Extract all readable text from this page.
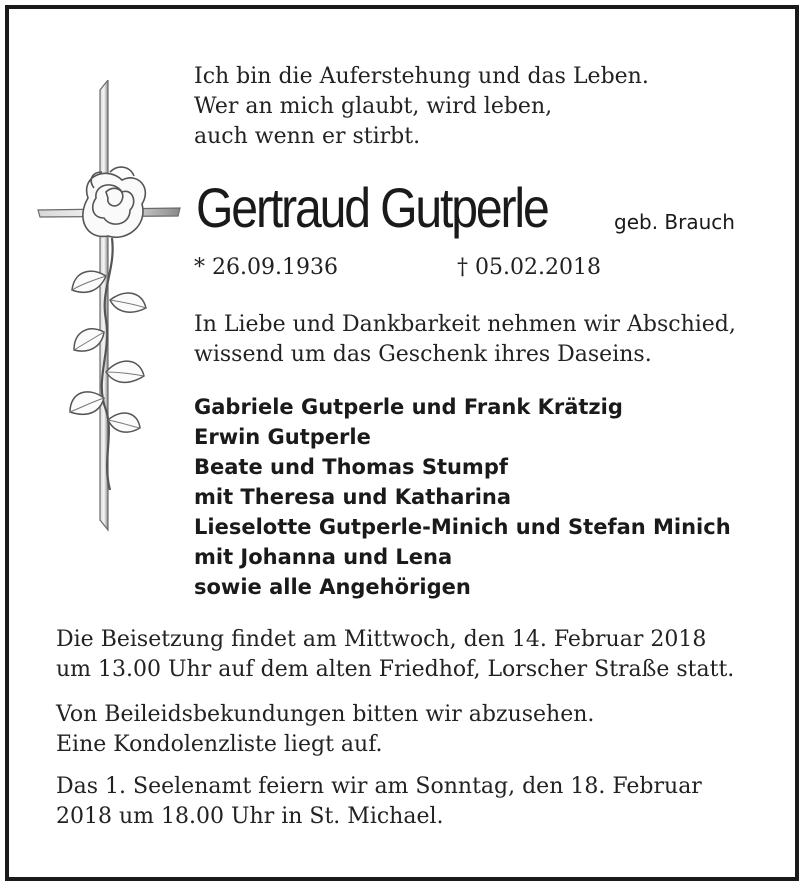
Ich bin die Auferstehung und das Leben.
Wer an mich glaubt, wird leben,
auch wenn er stirbt.
Gertraud Gutperle	geb. Brauch
* 26.09.1936	† 05.02.2018
In Liebe und Dankbarkeit nehmen wir Abschied,
wissend um das Geschenk ihres Daseins.
Gabriele Gutperle und Frank Krätzig
Erwin Gutperle
Beate und Thomas Stumpf
mit Theresa und Katharina
Lieselotte Gutperle-Minich und Stefan Minich
mit Johanna und Lena
sowie alle Angehörigen
Die Beisetzung findet am Mittwoch, den 14. Februar 2018
um 13.00 Uhr auf dem alten Friedhof, Lorscher Straße statt.
Von Beileidsbekundungen bitten wir abzusehen.
Eine Kondolenzliste liegt auf.
Das 1. Seelenamt feiern wir am Sonntag, den 18. Februar
2018 um 18.00 Uhr in St. Michael.
